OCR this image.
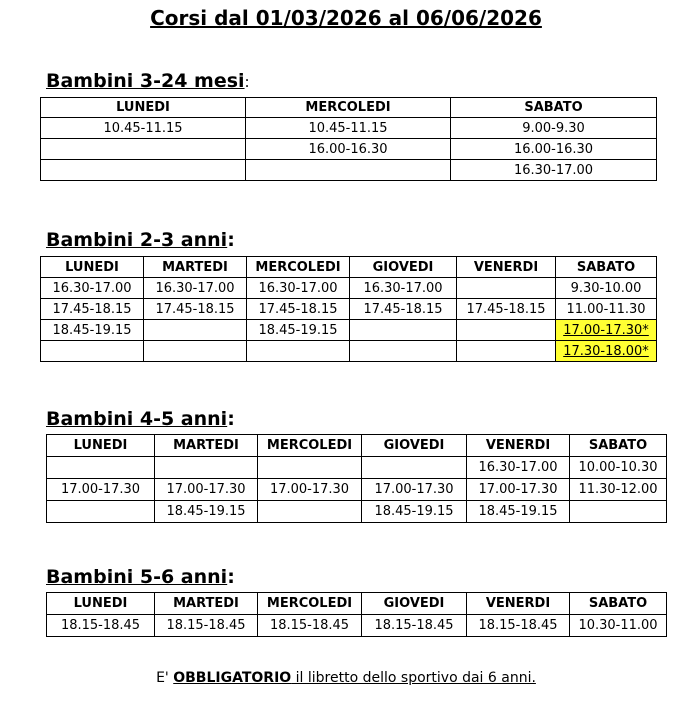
Corsi dal 01/03/2026 al 06/06/2026
Bambini 3-24 mesi:
LUNEDI	MERCOLEDI	SABATO
10.45-11.15	10.45-11.15	9.00-9.30
	16.00-16.30	16.00-16.30
		16.30-17.00
Bambini 2-3 anni:
LUNEDI	MARTEDI	MERCOLEDI	GIOVEDI	VENERDI	SABATO
16.30-17.00	16.30-17.00	16.30-17.00	16.30-17.00		9.30-10.00
17.45-18.15	17.45-18.15	17.45-18.15	17.45-18.15	17.45-18.15	11.00-11.30
18.45-19.15		18.45-19.15			17.00-17.30*
					17.30-18.00*
Bambini 4-5 anni:
LUNEDI	MARTEDI	MERCOLEDI	GIOVEDI	VENERDI	SABATO
				16.30-17.00	10.00-10.30
17.00-17.30	17.00-17.30	17.00-17.30	17.00-17.30	17.00-17.30	11.30-12.00
	18.45-19.15		18.45-19.15	18.45-19.15	
Bambini 5-6 anni:
LUNEDI	MARTEDI	MERCOLEDI	GIOVEDI	VENERDI	SABATO
18.15-18.45	18.15-18.45	18.15-18.45	18.15-18.45	18.15-18.45	10.30-11.00
E' OBBLIGATORIO il libretto dello sportivo dai 6 anni.
